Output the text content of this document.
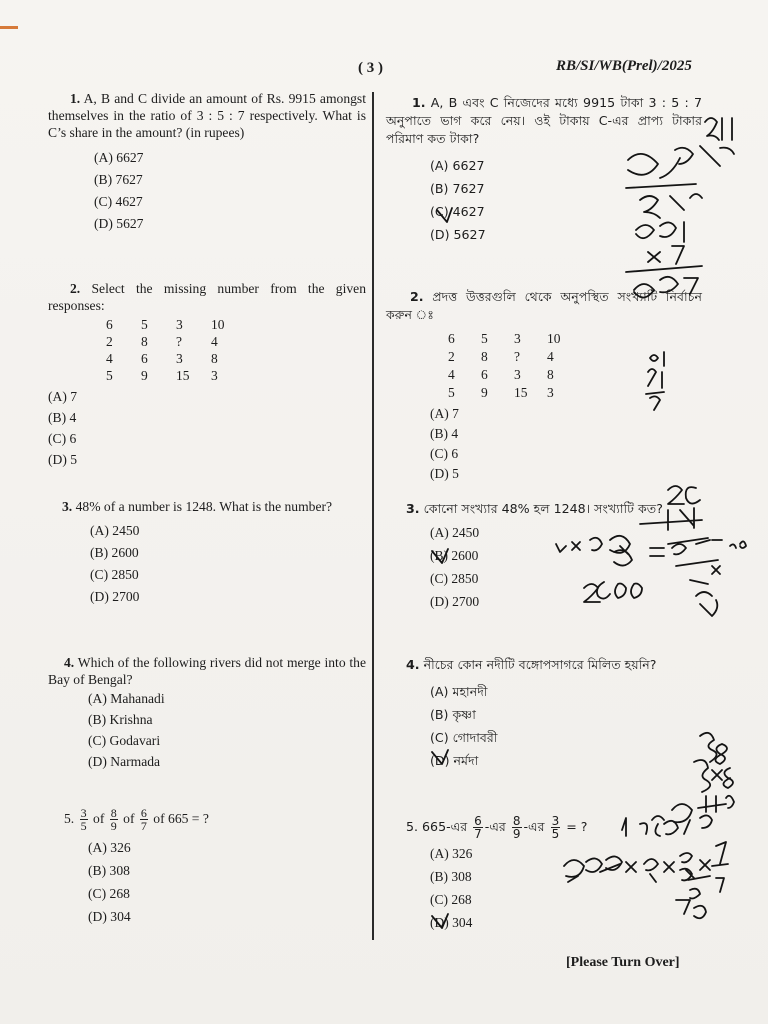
( 3 )	RB/SI/WB(Prel)/2025
1. A, B and C divide an amount of Rs. 9915 amongst themselves in the ratio of 3 : 5 : 7 respectively. What is C’s share in the amount? (in rupees)
(A) 6627
(B) 7627
(C) 4627
(D) 5627
2. Select the missing number from the given responses:
6	5	3	10
2	8	?	4
4	6	3	8
5	9	15	3
(A) 7
(B) 4
(C) 6
(D) 5
3. 48% of a number is 1248. What is the number?
(A) 2450
(B) 2600
(C) 2850
(D) 2700
4. Which of the following rivers did not merge into the Bay of Bengal?
(A) Mahanadi
(B) Krishna
(C) Godavari
(D) Narmada
5. $\frac{3}{5}$ of $\frac{8}{9}$ of $\frac{6}{7}$ of 665 = ?
(A) 326
(B) 308
(C) 268
(D) 304
1. A, B এবং C নিজেদের মধ্যে 9915 টাকা 3 : 5 : 7 অনুপাতে ভাগ করে নেয়। ওই টাকায় C-এর প্রাপ্য টাকার পরিমাণ কত টাকা?
(A) 6627
(B) 7627
(C) 4627
(D) 5627
2. প্রদত্ত উত্তরগুলি থেকে অনুপস্থিত সংখ্যাটি নির্বাচন করুন ঃ
6	5	3	10
2	8	?	4
4	6	3	8
5	9	15	3
(A) 7
(B) 4
(C) 6
(D) 5
3. কোনো সংখ্যার 48% হল 1248। সংখ্যাটি কত?
(A) 2450
(B) 2600
(C) 2850
(D) 2700
4. নীচের কোন নদীটি বঙ্গোপসাগরে মিলিত হয়নি?
(A) মহানদী
(B) কৃষ্ণা
(C) গোদাবরী
(D) নর্মদা
5. 665-এর $\frac{6}{7}$ -এর $\frac{8}{9}$ -এর $\frac{3}{5}$ = ?
(A) 326
(B) 308
(C) 268
(D) 304
[Please Turn Over]
